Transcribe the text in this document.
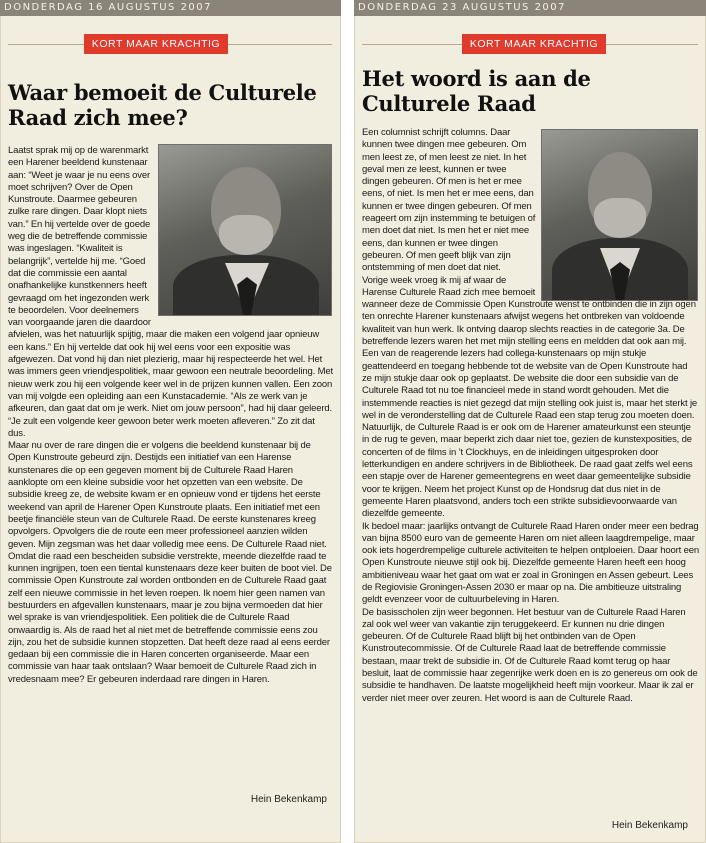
DONDERDAG 16 AUGUSTUS 2007
KORT MAAR KRACHTIG
Waar bemoeit de Culturele Raad zich mee?

Laatst sprak mij op de warenmarkt een Harener beeldend kunstenaar aan: “Weet je waar je nu eens over moet schrijven? Over de Open Kunstroute. Daarmee gebeuren zulke rare dingen. Daar klopt niets van.” En hij vertelde over de goede weg die de betreffende commissie was ingeslagen. “Kwaliteit is belangrijk”, vertelde hij me. “Goed dat die commissie een aantal onafhankelijke kunstkenners heeft gevraagd om het ingezonden werk te beoordelen. Voor deelnemers van voorgaande jaren die daardoor afvielen, was het natuurlijk spijtig, maar die maken een volgend jaar opnieuw een kans.” En hij vertelde dat ook hij wel eens voor een expositie was afgewezen. Dat vond hij dan niet plezierig, maar hij respecteerde het wel. Het was immers geen vriendjespolitiek, maar gewoon een neutrale beoordeling. Met nieuw werk zou hij een volgende keer wel in de prijzen kunnen vallen. Een zoon van mij volgde een opleiding aan een Kunstacademie. “Als ze werk van je afkeuren, dan gaat dat om je werk. Niet om jouw persoon”, had hij daar geleerd. “Je zult een volgende keer gewoon beter werk moeten afleveren.” Zo zit dat dus.

Maar nu over de rare dingen die er volgens die beeldend kunstenaar bij de Open Kunstroute gebeurd zijn. Destijds een initiatief van een Harense kunstenares die op een gegeven moment bij de Culturele Raad Haren aanklopte om een kleine subsidie voor het opzetten van een website. De subsidie kreeg ze, de website kwam er en opnieuw vond er tijdens het eerste weekend van april de Harener Open Kunstroute plaats. Een initiatief met een beetje financiële steun van de Culturele Raad. De eerste kunstenares kreeg opvolgers. Opvolgers die de route een meer professioneel aanzien wilden geven. Mijn zegsman was het daar volledig mee eens. De Culturele Raad niet. Omdat die raad een bescheiden subsidie verstrekte, meende diezelfde raad te kunnen ingrijpen, toen een tiental kunstenaars deze keer buiten de boot viel. De commissie Open Kunstroute zal worden ontbonden en de Culturele Raad gaat zelf een nieuwe commissie in het leven roepen. Ik noem hier geen namen van bestuurders en afgevallen kunstenaars, maar je zou bijna vermoeden dat hier wel sprake is van vriendjespolitiek. Een politiek die de Culturele Raad onwaardig is. Als de raad het al niet met de betreffende commissie eens zou zijn, zou het de subsidie kunnen stopzetten. Dat heeft deze raad al eens eerder gedaan bij een commissie die in Haren concerten organiseerde. Maar een commissie van haar taak ontslaan? Waar bemoeit de Culturele Raad zich in vredesnaam mee? Er gebeuren inderdaad rare dingen in Haren.

Hein Bekenkamp
DONDERDAG 23 AUGUSTUS 2007
KORT MAAR KRACHTIG
Het woord is aan de Culturele Raad

Een columnist schrijft columns. Daar kunnen twee dingen mee gebeuren. Om men leest ze, of men leest ze niet. In het geval men ze leest, kunnen er twee dingen gebeuren. Of men is het er mee eens, of niet. Is men het er mee eens, dan kunnen er twee dingen gebeuren. Of men reageert om zijn instemming te betuigen of men doet dat niet. Is men het er niet mee eens, dan kunnen er twee dingen gebeuren. Of men geeft blijk van zijn ontstemming of men doet dat niet.

Vorige week vroeg ik mij af waar de Harense Culturele Raad zich mee bemoeit wanneer deze de Commissie Open Kunstroute wenst te ontbinden die in zijn ogen ten onrechte Harener kunstenaars afwijst wegens het ontbreken van voldoende kwaliteit van hun werk. Ik ontving daarop slechts reacties in de categorie 3a. De betreffende lezers waren het met mijn stelling eens en meldden dat ook aan mij. Een van de reagerende lezers had collega-kunstenaars op mijn stukje geattendeerd en toegang hebbende tot de website van de Open Kunstroute had ze mijn stukje daar ook op geplaatst. De website die door een subsidie van de Culturele Raad tot nu toe financieel mede in stand wordt gehouden. Met die instemmende reacties is niet gezegd dat mijn stelling ook juist is, maar het sterkt je wel in de veronderstelling dat de Culturele Raad een stap terug zou moeten doen.

Natuurlijk, de Culturele Raad is er ook om de Harener amateurkunst een steuntje in de rug te geven, maar beperkt zich daar niet toe, gezien de kunstexposities, de concerten of de films in ’t Clockhuys, en de inleidingen uitgesproken door letterkundigen en andere schrijvers in de Bibliotheek. De raad gaat zelfs wel eens een stapje over de Harener gemeentegrens en weet daar gemeentelijke subsidie voor te krijgen. Neem het project Kunst op de Hondsrug dat dus niet in de gemeente Haren plaatsvond, anders toch een strikte subsidievoorwaarde van diezelfde gemeente.

Ik bedoel maar: jaarlijks ontvangt de Culturele Raad Haren onder meer een bedrag van bijna 8500 euro van de gemeente Haren om niet alleen laagdrempelige, maar ook iets hogerdrempelige culturele activiteiten te helpen ontploeien. Daar hoort een Open Kunstroute nieuwe stijl ook bij. Diezelfde gemeente Haren heeft een hoog ambitieniveau waar het gaat om wat er zoal in Groningen en Assen gebeurt. Lees de Regiovisie Groningen-Assen 2030 er maar op na. Die ambitieuze uitstraling geldt evenzeer voor de cultuurbeleving in Haren.

De basisscholen zijn weer begonnen. Het bestuur van de Culturele Raad Haren zal ook wel weer van vakantie zijn teruggekeerd. Er kunnen nu drie dingen gebeuren. Of de Culturele Raad blijft bij het ontbinden van de Open Kunstroutecommissie. Of de Culturele Raad laat de betreffende commissie bestaan, maar trekt de subsidie in. Of de Culturele Raad komt terug op haar besluit, laat de commissie haar zegenrijke werk doen en is zo genereus om ook de subsidie te handhaven. De laatste mogelijkheid heeft mijn voorkeur. Maar ik zal er verder niet meer over zeuren. Het woord is aan de Culturele Raad.

Hein Bekenkamp
